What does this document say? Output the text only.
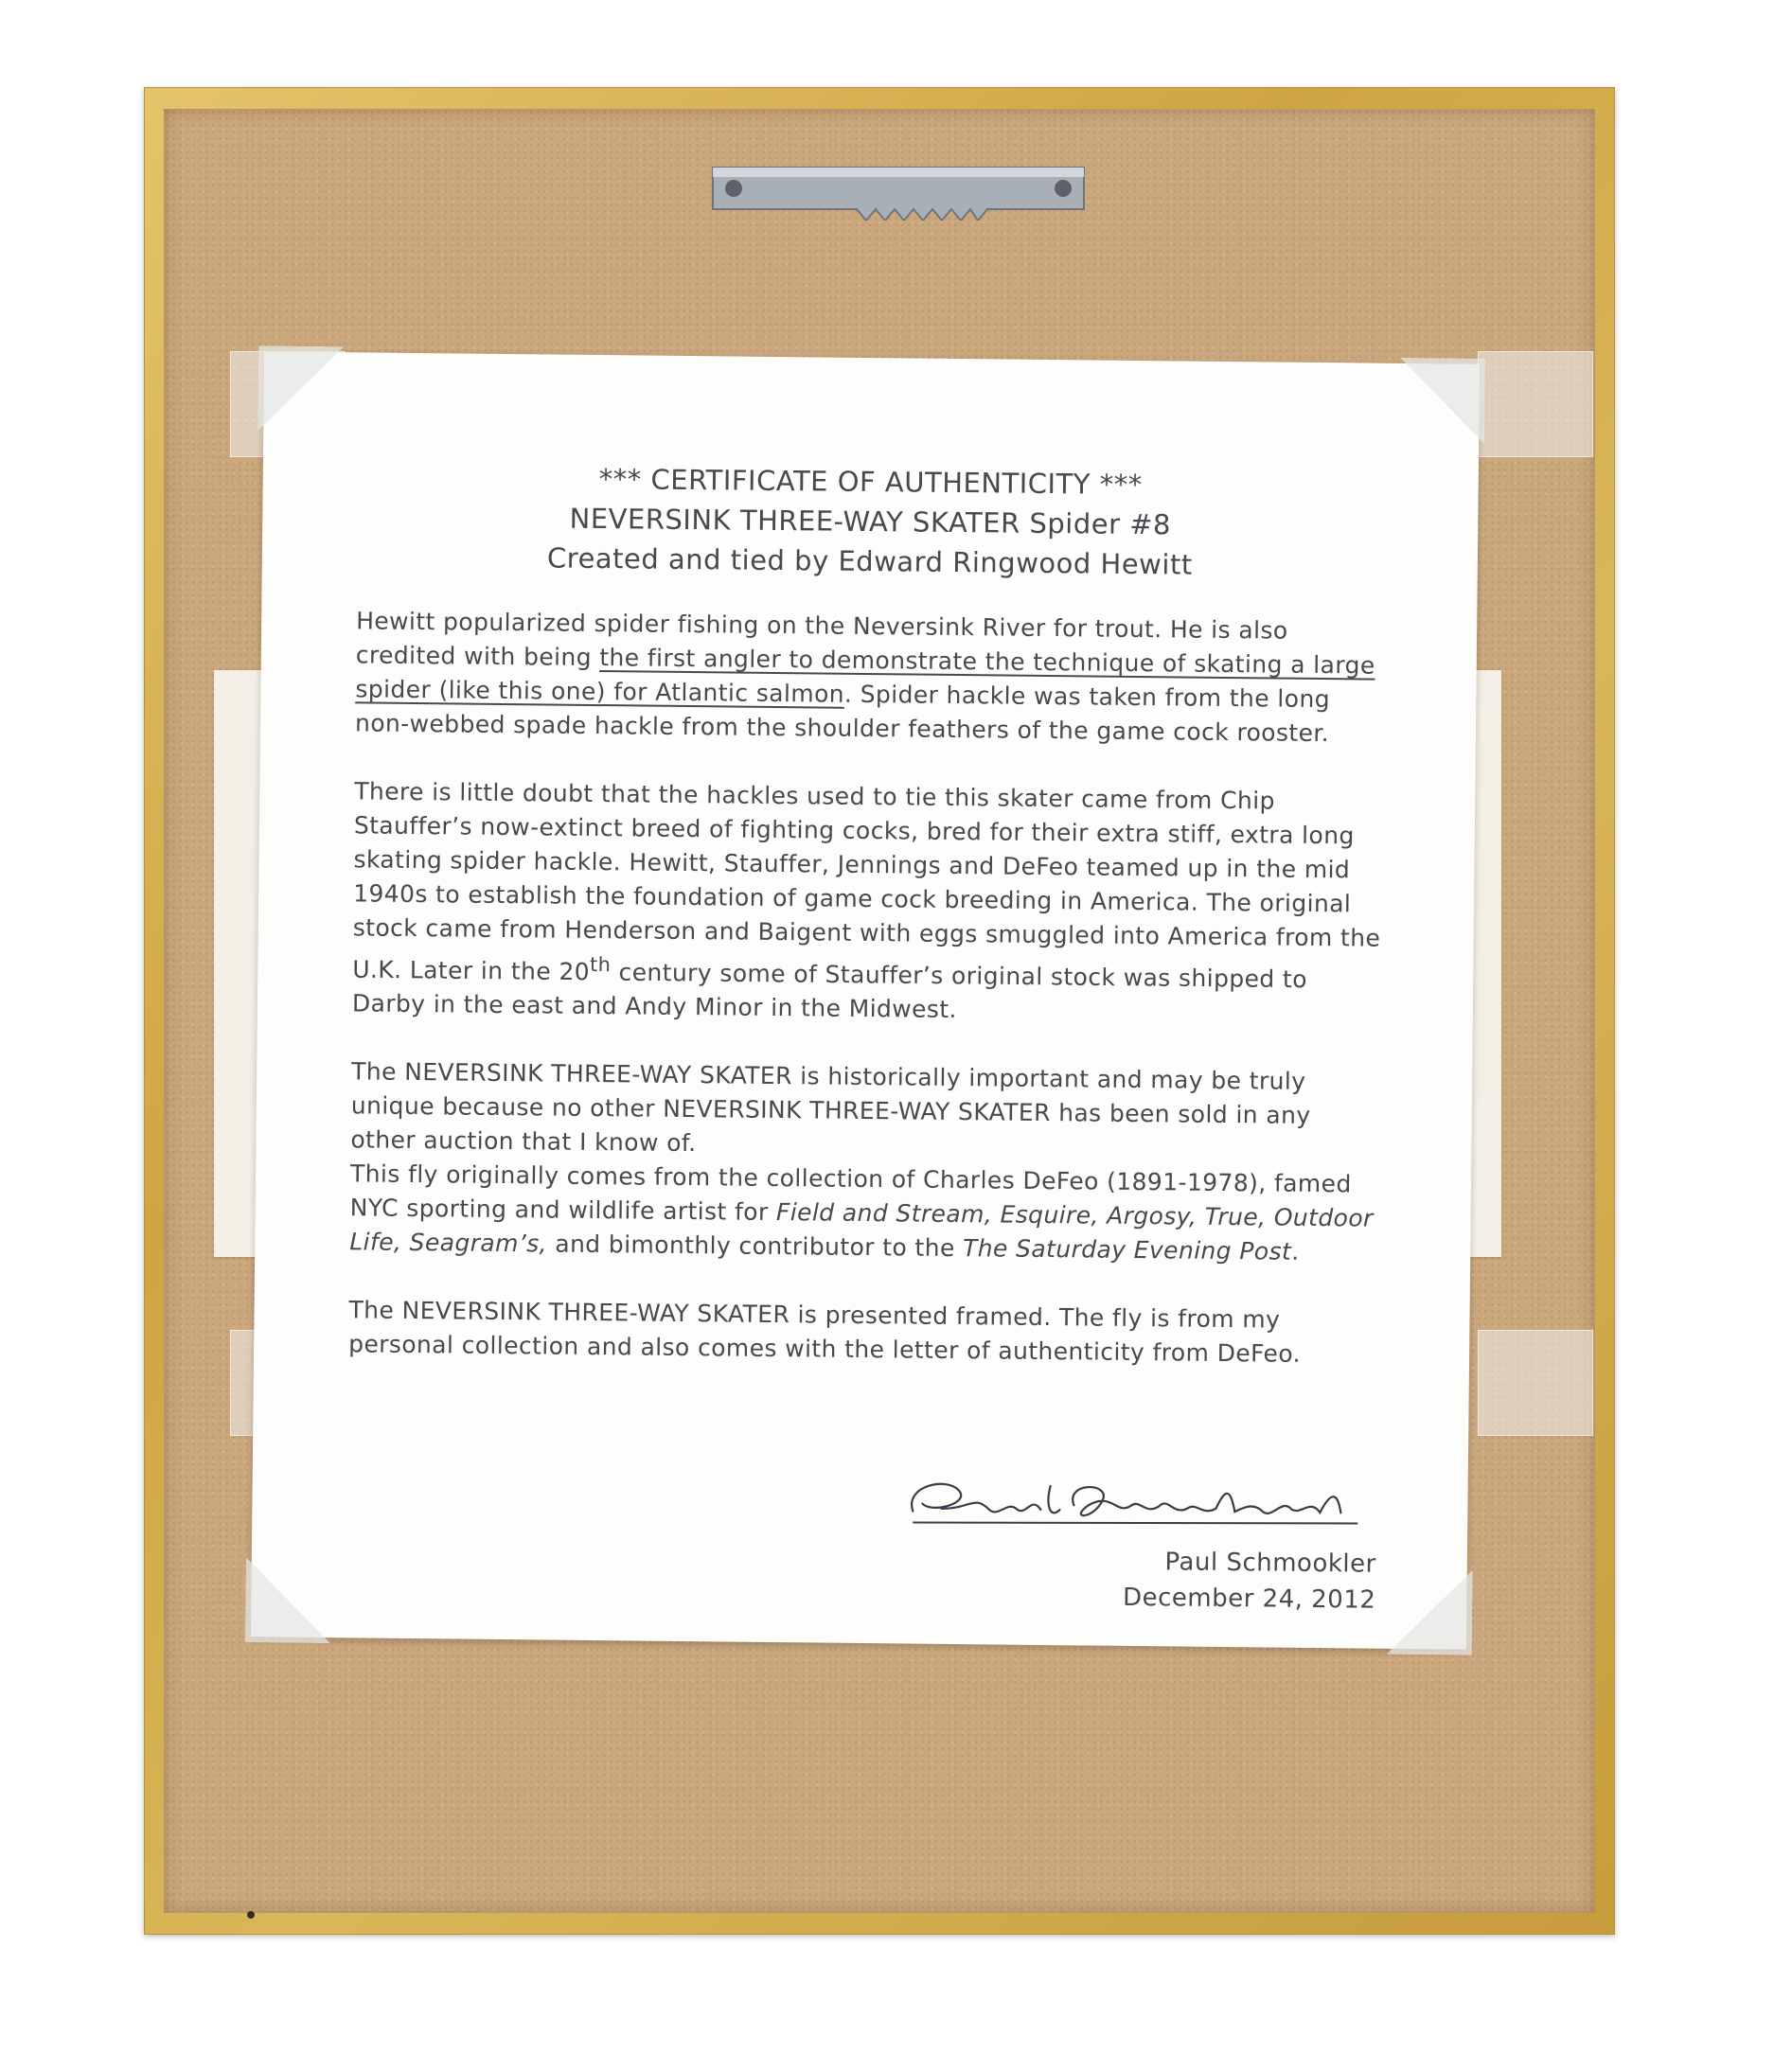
*** CERTIFICATE OF AUTHENTICITY ***
NEVERSINK THREE-WAY SKATER Spider #8
Created and tied by Edward Ringwood Hewitt

Hewitt popularized spider fishing on the Neversink River for trout. He is also credited with being the first angler to demonstrate the technique of skating a large spider (like this one) for Atlantic salmon. Spider hackle was taken from the long non-webbed spade hackle from the shoulder feathers of the game cock rooster.

There is little doubt that the hackles used to tie this skater came from Chip Stauffer’s now-extinct breed of fighting cocks, bred for their extra stiff, extra long skating spider hackle. Hewitt, Stauffer, Jennings and DeFeo teamed up in the mid 1940s to establish the foundation of game cock breeding in America. The original stock came from Henderson and Baigent with eggs smuggled into America from the U.K. Later in the 20th century some of Stauffer’s original stock was shipped to Darby in the east and Andy Minor in the Midwest.

The NEVERSINK THREE-WAY SKATER is historically important and may be truly unique because no other NEVERSINK THREE-WAY SKATER has been sold in any other auction that I know of.
This fly originally comes from the collection of Charles DeFeo (1891-1978), famed NYC sporting and wildlife artist for Field and Stream, Esquire, Argosy, True, Outdoor Life, Seagram’s, and bimonthly contributor to the The Saturday Evening Post.

The NEVERSINK THREE-WAY SKATER is presented framed. The fly is from my personal collection and also comes with the letter of authenticity from DeFeo.

Paul Schmookler
December 24, 2012
